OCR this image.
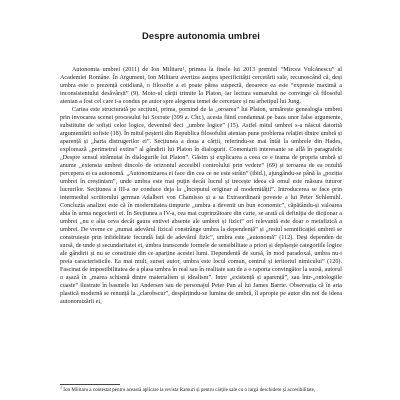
Despre autonomia umbrei

Autonomia umbrei (2011) de Ion Militaru¹, primea la finele lui 2013 premiul “Mircea Vulcănescu” al Academiei Române. În Argument, Ion Militaru avertiza asupra specificității cercetării sale, recunoscând că, deși umbra este o prezență cotidiană, o filosofie a ei poate părea suspectă, deoarece ea este “expresie maximă a inconsistentului desăvârșit” (9). Moto-ul cărții trimite la Platon, iar lectura sumarului ne convinge că filosoful atenian a fost cel care i-a condus pe autor spre alegerea temei de cercetare și nu arhetipul lui Jung.

Cartea este structurată pe secțiuni, prima, pornind de la „oroarea” lui Platon, urmărește genealogia umbrei prin invocarea scenei procesului lui Socrate (399 a. Chr.), acesta fiind condamnat pe baza unor false argumente, substituite de sofiști celor logice, devenind deci „umbre logice” (15). Astfel mitul umbrei s-a născut datorită argumentării sofiste (18). În mitul peșterii din Republica filosofului atenian pune problema relației dintre umbră și aparență și „harta distrugerilor ei”. Secțiunea a doua a cărții, referindu-se mai întâi la umbrele din Hades, explorează „perimetrul extins” al gândirii lui Platon în dialogurii. Comentarii interesante se află în paragrafele „Despre sensul strămutat în dialogurile lui Platon”. Găsim și explicarea a ceea ce e teama de propria umbră și anume „extensia umbrei dincolo de orizontul accesibil controlului prin vedere” (69) și teroarea de ea rezultă percepera ei ca autonomă. „Autonomizarea ei face din cea ce ne este strâin” (ibid.), ajungându-se până la „poziția umbrei în creștinism”, unde umbra este mai puțin decât lucrul și trecește ideea că omul este măsura tuturor lucrurilor. Secțiunea a III-a ne conduce deja la „Începutul originar al modernității”. Introducerea se face prin intermediul scriitorului german Adalbert von Chamisso și a sa Extraordinarã poveste a lui Peter Schlemihl. Concluzia analizei este că în modernitatea timpurie „umbra a devenit un bun economic”, căpătându-și valoarea abia în urma negocierii ei. În Secțiunea a IV-a, cea mai cuprinzătoare din carte, se arată că definiția de dicționar a umbrei „nu e alta ceva decât gaura entivei absente ale umbrei și fizici” ori relevantă este doar o metafizică a umbrei. De vreme ce „numai adevărul fizical constrânge umbra la dependență” și „restul semnificației umbrei se construiește prin infidelitate fecundă față de adevărul fizic”, umbra este „autonomă” (112). Deși dependen de sursă, de unde și secundaritatei ei, umbra transcende formele de sensibilitate a priori și depășește categoriile logice ale gândirii și nu se constituie din ce aparține acestei lumi. Dependentă de sursă, în mod paradoxal, umbra nu-i preia caracteristicile. Ea mai mult, sursei autor, umbra este locul comun, centrul și teritoriul nimicului” (120). Fascinat de impostibilitatea de a plasa umbra în real sau în realitate sau de a o raporta convingător la sursă, autorul o așază în „marea schismă dintre materialism și idealism”. Intre „existență și aparență”, sau într-„ontologiile cuaste” ilustrate în basmele lui Andersen sau de personajul Peter Pan al lui James Barrie. Observația că în arta plastică modernă se renunță la „clarobscur”, despărțindu-se lumina de umbră, îl apropie pe autor din noi de ideea autonomizării ei,

$^1$ Ion Militaru a contestat pentru această aplicare la revista Ramuri și pentru cărțile sale cu o largă deschidere și accesibilitate,
